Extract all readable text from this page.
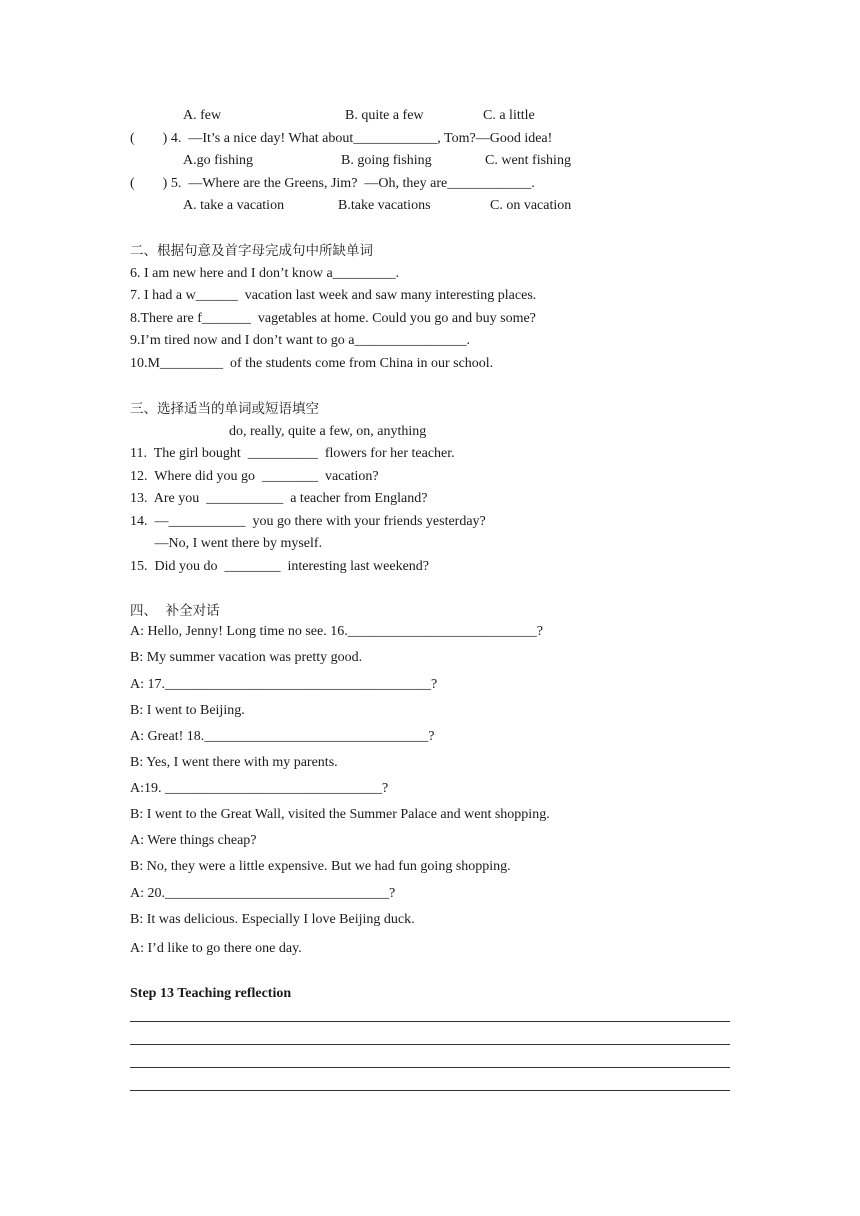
A. few	B. quite a few	C. a little
(        ) 4.  —It’s a nice day! What about____________, Tom?—Good idea!
A.go fishing	B. going fishing	C. went fishing
(        ) 5.  —Where are the Greens, Jim?  —Oh, they are____________.
A. take a vacation	B.take vacations	C. on vacation
二、根据句意及首字母完成句中所缺单词
6. I am new here and I don’t know a_________.
7. I had a w______  vacation last week and saw many interesting places.
8.There are f_______  vagetables at home. Could you go and buy some?
9.I’m tired now and I don’t want to go a________________.
10.M_________  of the students come from China in our school.
三、选择适当的单词或短语填空
do, really, quite a few, on, anything
11.  The girl bought  __________  flowers for her teacher.
12.  Where did you go  ________  vacation?
13.  Are you  ___________  a teacher from England?
14.  —___________  you go there with your friends yesterday?
—No, I went there by myself.
15.  Did you do  ________  interesting last weekend?
四、  补全对话
A: Hello, Jenny! Long time no see. 16.___________________________?
B: My summer vacation was pretty good.
A: 17.______________________________________?
B: I went to Beijing.
A: Great! 18.________________________________?
B: Yes, I went there with my parents.
A:19. _______________________________?
B: I went to the Great Wall, visited the Summer Palace and went shopping.
A: Were things cheap?
B: No, they were a little expensive. But we had fun going shopping.
A: 20.________________________________?
B: It was delicious. Especially I love Beijing duck.
A: I’d like to go there one day.
Step 13 Teaching reflection
